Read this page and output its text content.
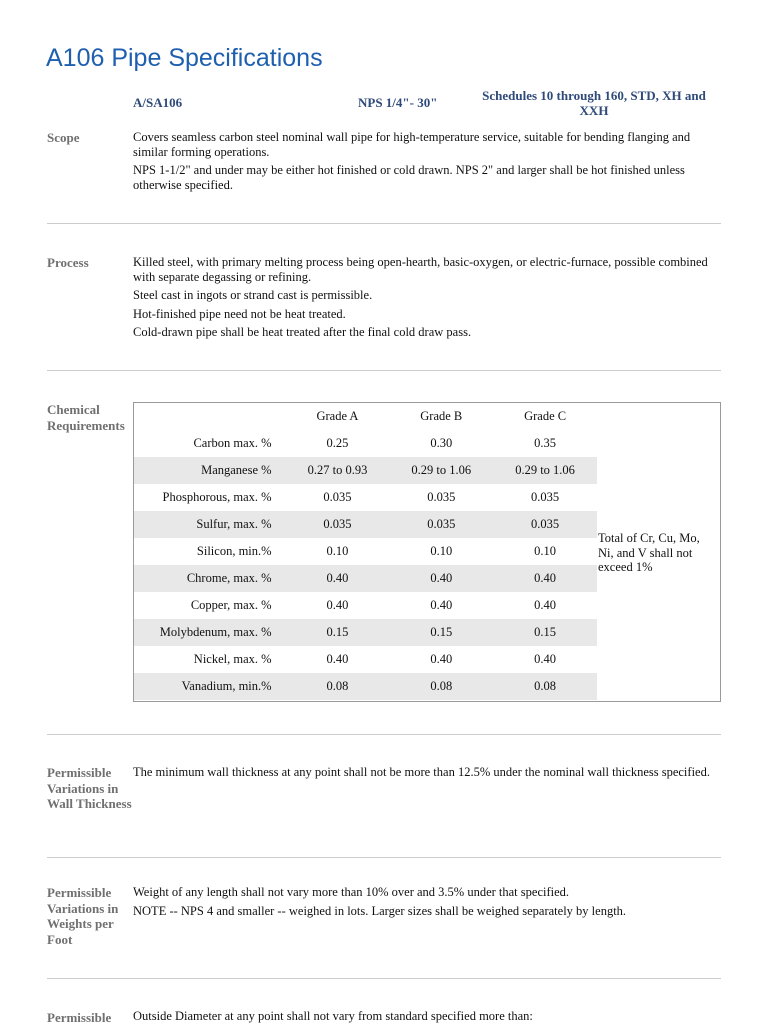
A106 Pipe Specifications
A/SA106	NPS 1/4"- 30"	Schedules 10 through 160, STD, XH and XXH
Scope	Covers seamless carbon steel nominal wall pipe for high-temperature service, suitable for bending flanging and similar forming operations.

NPS 1-1/2" and under may be either hot finished or cold drawn. NPS 2" and larger shall be hot finished unless otherwise specified.

Process	Killed steel, with primary melting process being open-hearth, basic-oxygen, or electric-furnace, possible combined with separate degassing or refining.

Steel cast in ingots or strand cast is permissible.

Hot-finished pipe need not be heat treated.

Cold-drawn pipe shall be heat treated after the final cold draw pass.

Chemical Requirements
	Grade A	Grade B	Grade C
Carbon max. %	0.25	0.30	0.35
Manganese %	0.27 to 0.93	0.29 to 1.06	0.29 to 1.06
Phosphorous, max. %	0.035	0.035	0.035
Sulfur, max. %	0.035	0.035	0.035
Silicon, min.%	0.10	0.10	0.10
Chrome, max. %	0.40	0.40	0.40
Copper, max. %	0.40	0.40	0.40
Molybdenum, max. %	0.15	0.15	0.15
Nickel, max. %	0.40	0.40	0.40
Vanadium, min.%	0.08	0.08	0.08
Total of Cr, Cu, Mo, Ni, and V shall not exceed 1%
Permissible Variations in Wall Thickness

The minimum wall thickness at any point shall not be more than 12.5% under the nominal wall thickness specified.

Permissible Variations in Weights per Foot

Weight of any length shall not vary more than 10% over and 3.5% under that specified.

NOTE -- NPS 4 and smaller -- weighed in lots. Larger sizes shall be weighed separately by length.

Permissible	Outside Diameter at any point shall not vary from standard specified more than:
